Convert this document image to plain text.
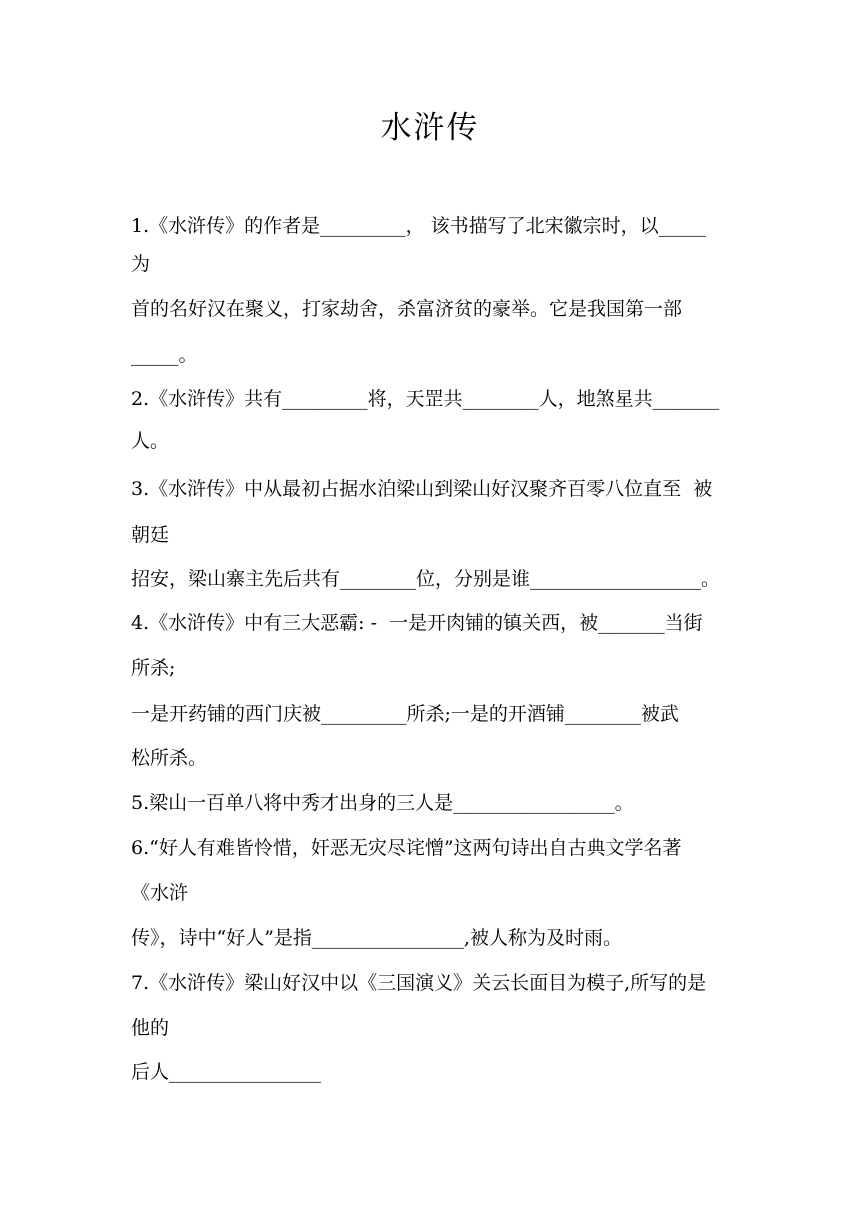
水浒传

1.《水浒传》的作者是_________， 该书描写了北宋徽宗时，以_____

为

首的名好汉在聚义，打家劫舍，杀富济贫的豪举。它是我国第一部

_____。

2.《水浒传》共有_________将，天罡共________人，地煞星共_______

人。

3.《水浒传》中从最初占据水泊梁山到梁山好汉聚齐百零八位直至  被

朝廷

招安，梁山寨主先后共有________位，分别是谁__________________。

4.《水浒传》中有三大恶霸: -  一是开肉铺的镇关西，被_______当街

所杀;

一是开药铺的西门庆被_________所杀;一是的开酒铺________被武

松所杀。

5.梁山一百单八将中秀才出身的三人是_________________。

6.“好人有难皆怜惜，奸恶无灾尽诧憎”这两句诗出自古典文学名著

《水浒

传》，诗中“好人”是指________________,被人称为及时雨。

7.《水浒传》梁山好汉中以《三国演义》关云长面目为模子,所写的是

他的

后人________________
